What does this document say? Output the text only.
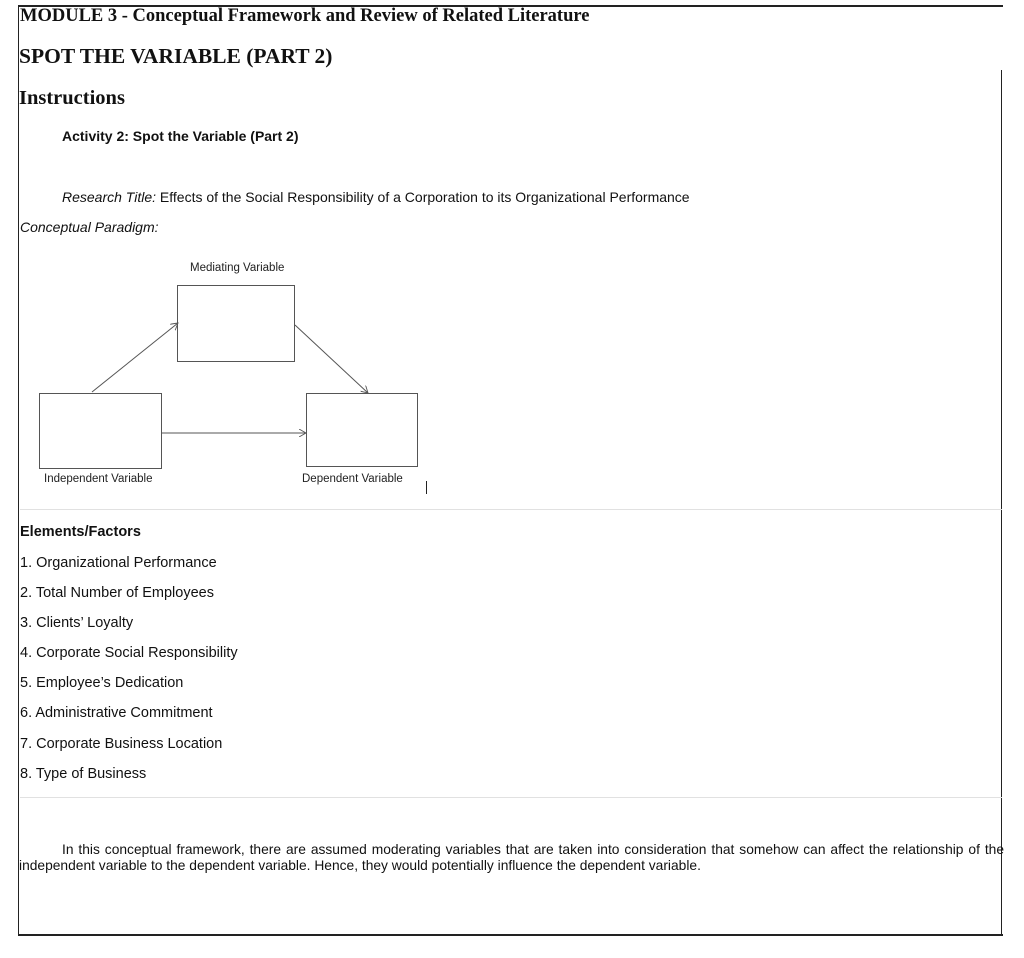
MODULE 3 - Conceptual Framework and Review of Related Literature
SPOT THE VARIABLE (PART 2)
Instructions
Activity 2: Spot the Variable (Part 2)
Research Title: Effects of the Social Responsibility of a Corporation to its Organizational Performance
Conceptual Paradigm:
Mediating Variable
Independent Variable	Dependent Variable
Elements/Factors
1. Organizational Performance
2. Total Number of Employees
3. Clients’ Loyalty
4. Corporate Social Responsibility
5. Employee’s Dedication
6. Administrative Commitment
7. Corporate Business Location
8. Type of Business
In this conceptual framework, there are assumed moderating variables that are taken into consideration that somehow can affect the relationship of the independent variable to the dependent variable. Hence, they would potentially influence the dependent variable.
